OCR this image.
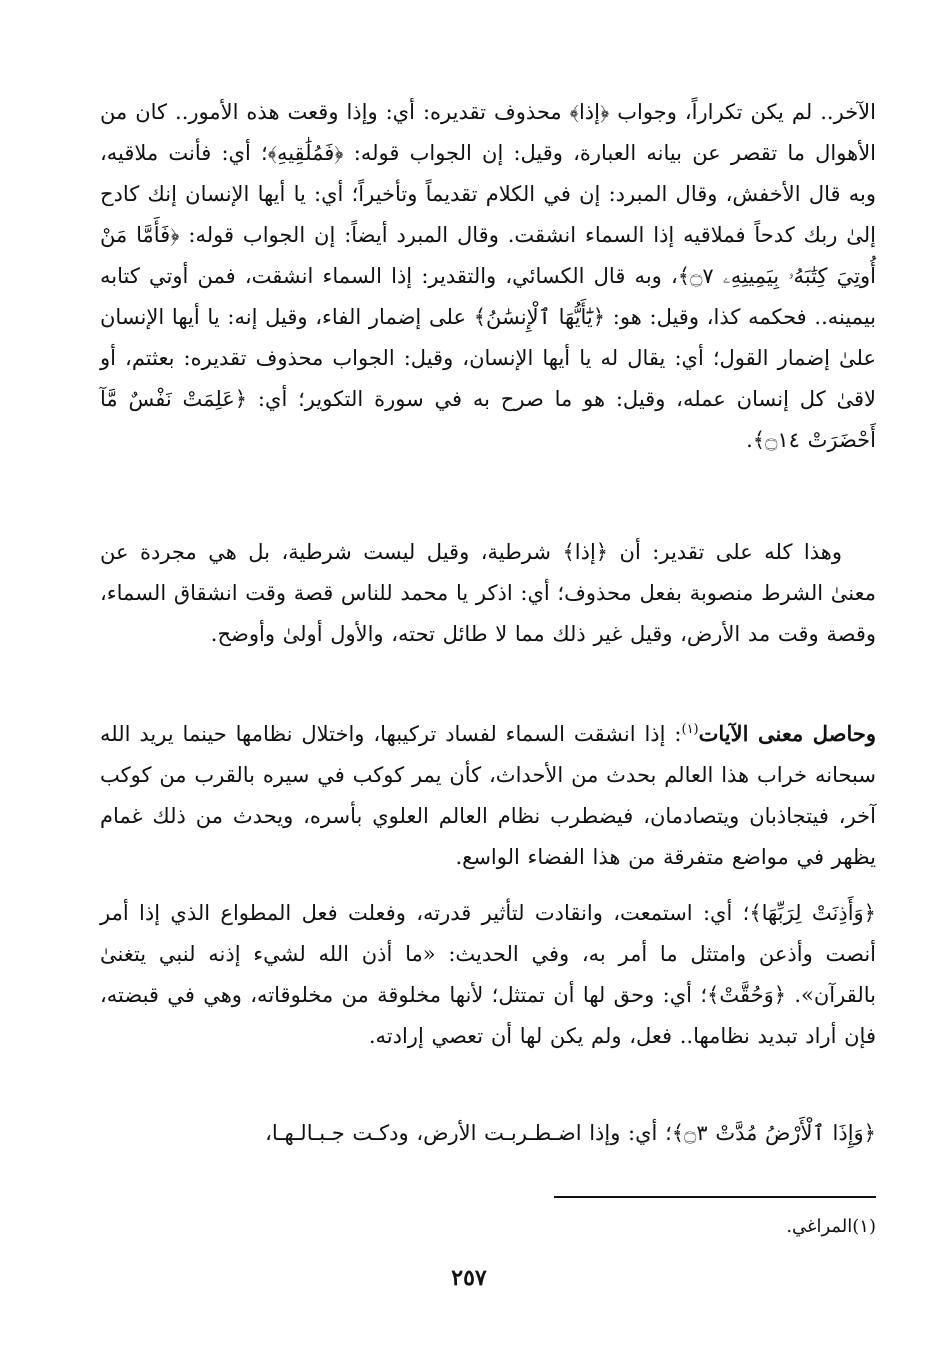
الآخر.. لم يكن تكراراً، وجواب ﴿إذا﴾ محذوف تقديره: أي: وإذا وقعت هذه الأمور.. كان من الأهوال ما تقصر عن بيانه العبارة، وقيل: إن الجواب قوله: ﴿فَمُلَٰقِيهِ﴾؛ أي: فأنت ملاقيه، وبه قال الأخفش، وقال المبرد: إن في الكلام تقديماً وتأخيراً؛ أي: يا أيها الإنسان إنك كادح إلىٰ ربك كدحاً فملاقيه إذا السماء انشقت. وقال المبرد أيضاً: إن الجواب قوله: ﴿فَأَمَّا مَنْ أُوتِيَ كِتَٰبَهُۥ بِيَمِينِهِۦ ۝٧﴾، وبه قال الكسائي، والتقدير: إذا السماء انشقت، فمن أوتي كتابه بيمينه.. فحكمه كذا، وقيل: هو: ﴿يَٰٓأَيُّهَا ٱلْإِنسَٰنُ﴾ على إضمار الفاء، وقيل إنه: يا أيها الإنسان علىٰ إضمار القول؛ أي: يقال له يا أيها الإنسان، وقيل: الجواب محذوف تقديره: بعثتم، أو لاقىٰ كل إنسان عمله، وقيل: هو ما صرح به في سورة التكوير؛ أي: ﴿عَلِمَتْ نَفْسٌ مَّآ أَحْضَرَتْ ۝١٤﴾.

وهذا كله على تقدير: أن ﴿إذا﴾ شرطية، وقيل ليست شرطية، بل هي مجردة عن معنىٰ الشرط منصوبة بفعل محذوف؛ أي: اذكر يا محمد للناس قصة وقت انشقاق السماء، وقصة وقت مد الأرض، وقيل غير ذلك مما لا طائل تحته، والأول أولىٰ وأوضح.

وحاصل معنى الآيات$^{(١)}$: إذا انشقت السماء لفساد تركيبها، واختلال نظامها حينما يريد الله سبحانه خراب هذا العالم بحدث من الأحداث، كأن يمر كوكب في سيره بالقرب من كوكب آخر، فيتجاذبان ويتصادمان، فيضطرب نظام العالم العلوي بأسره، ويحدث من ذلك غمام يظهر في مواضع متفرقة من هذا الفضاء الواسع.

﴿وَأَذِنَتْ لِرَبِّهَا﴾؛ أي: استمعت، وانقادت لتأثير قدرته، وفعلت فعل المطواع الذي إذا أمر أنصت وأذعن وامتثل ما أمر به، وفي الحديث: «ما أذن الله لشيء إذنه لنبي يتغنىٰ بالقرآن». ﴿وَحُقَّتْ﴾؛ أي: وحق لها أن تمتثل؛ لأنها مخلوقة من مخلوقاته، وهي في قبضته، فإن أراد تبديد نظامها.. فعل، ولم يكن لها أن تعصي إرادته.

﴿وَإِذَا ٱلْأَرْضُ مُدَّتْ ۝٣﴾؛ أي: وإذا اضـطـربـت الأرض، ودكـت جـبـالـهـا،

(١)المراغي.
٢٥٧
